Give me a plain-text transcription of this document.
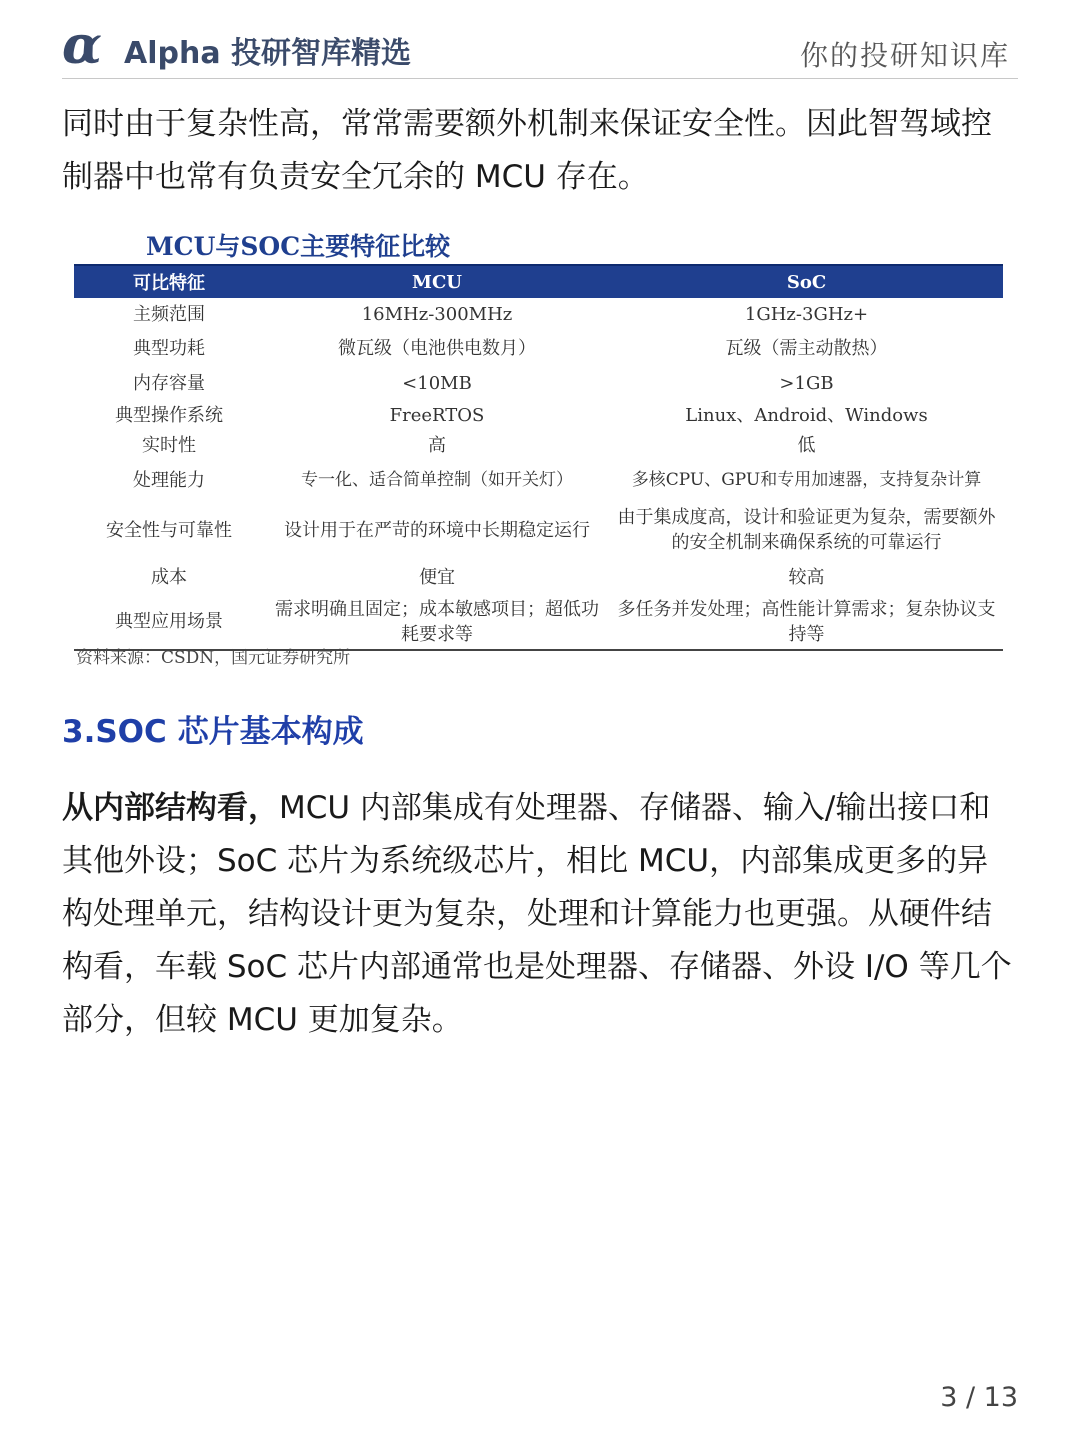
α Alpha 投研智库精选	你的投研知识库
同时由于复杂性高，常常需要额外机制来保证安全性。因此智驾域控制器中也常有负责安全冗余的 MCU 存在。
MCU与SOC主要特征比较
可比特征	MCU	SoC
主频范围	16MHz-300MHz	1GHz-3GHz+
典型功耗	微瓦级（电池供电数月）	瓦级（需主动散热）
内存容量	<10MB	>1GB
典型操作系统	FreeRTOS	Linux、Android、Windows
实时性	高	低
处理能力	专一化、适合简单控制（如开关灯）	多核CPU、GPU和专用加速器，支持复杂计算
安全性与可靠性	设计用于在严苛的环境中长期稳定运行	由于集成度高，设计和验证更为复杂，需要额外的安全机制来确保系统的可靠运行
成本	便宜	较高
典型应用场景	需求明确且固定；成本敏感项目；超低功耗要求等	多任务并发处理；高性能计算需求；复杂协议支持等
资料来源：CSDN，国元证券研究所
3.SOC 芯片基本构成
从内部结构看，MCU 内部集成有处理器、存储器、输入/输出接口和其他外设；SoC 芯片为系统级芯片，相比 MCU，内部集成更多的异构处理单元，结构设计更为复杂，处理和计算能力也更强。从硬件结构看，车载 SoC 芯片内部通常也是处理器、存储器、外设 I/O 等几个部分，但较 MCU 更加复杂。
3 / 13
